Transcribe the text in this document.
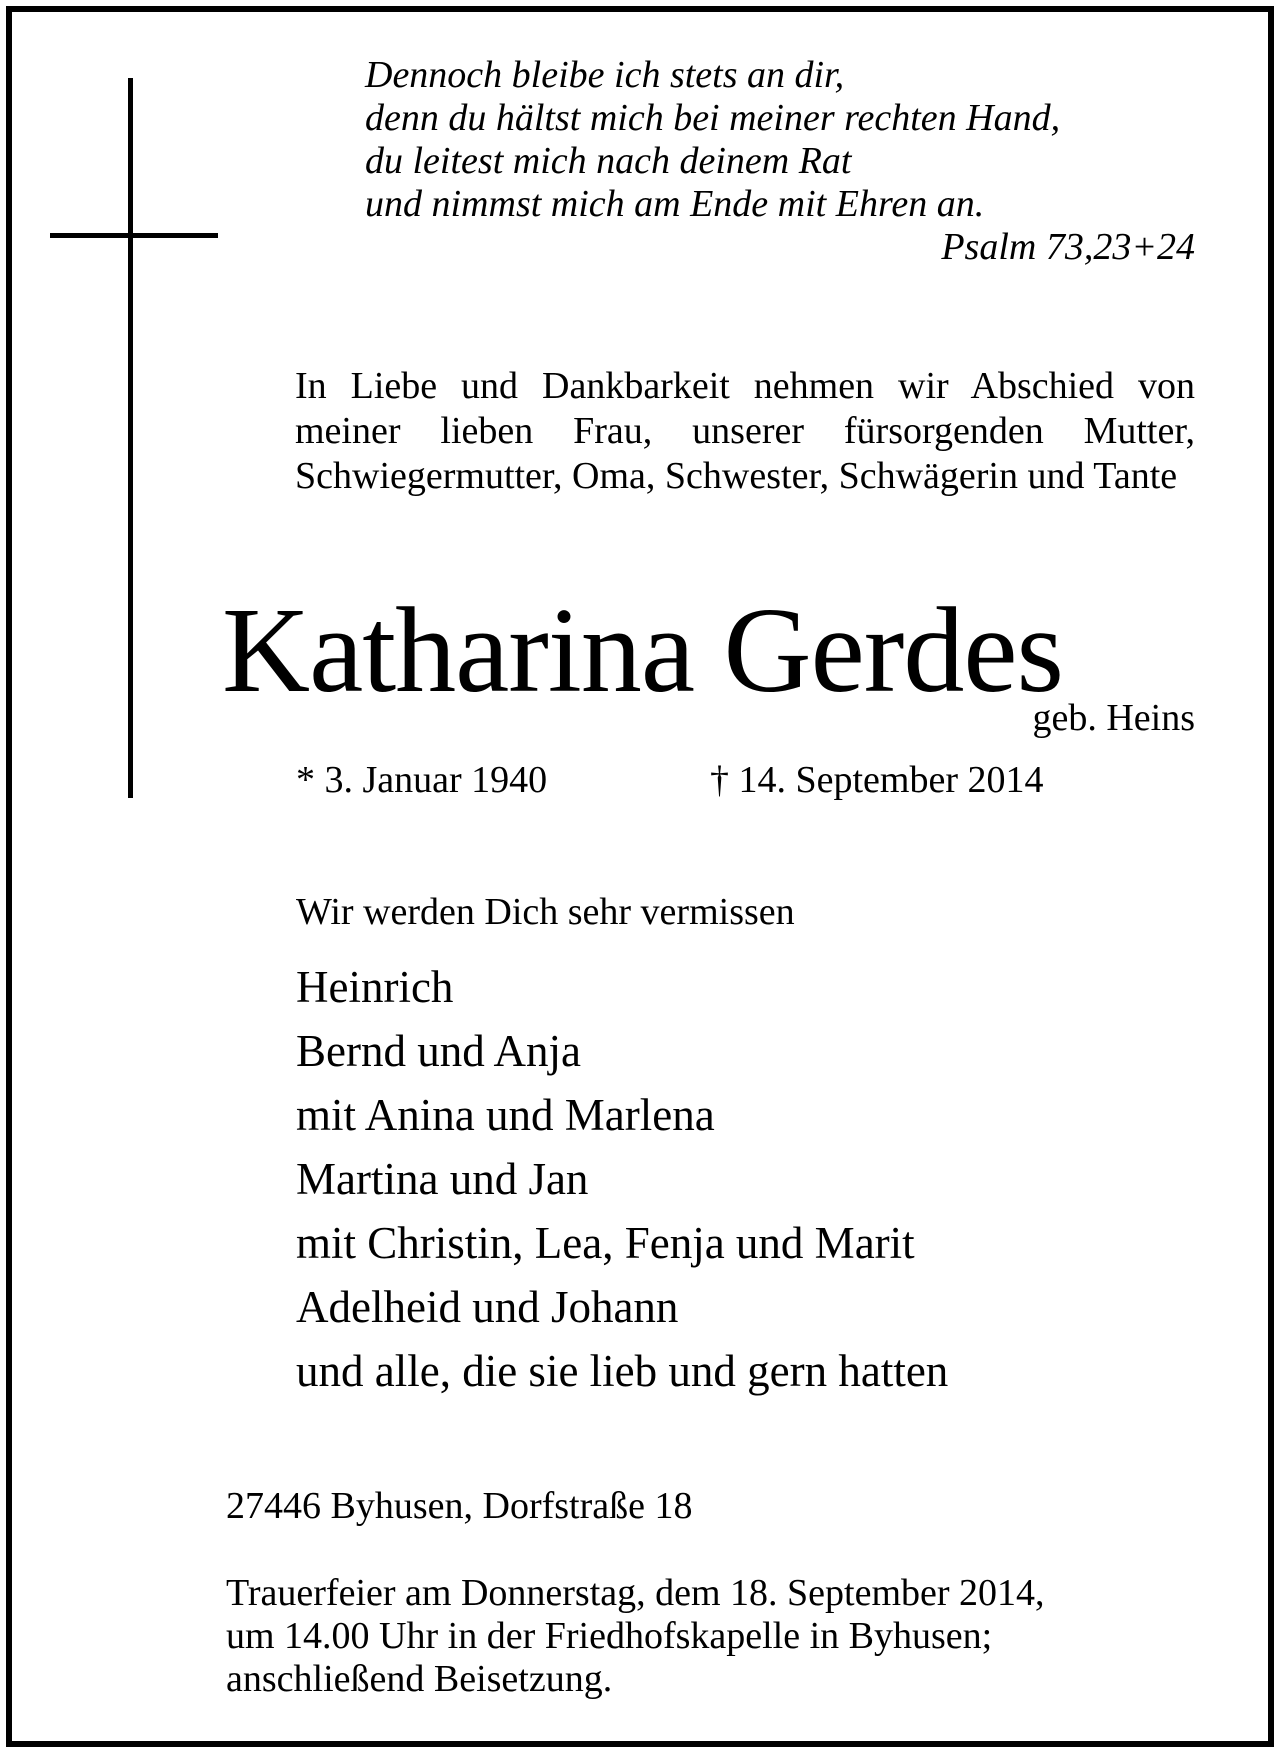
Dennoch bleibe ich stets an dir,
denn du hältst mich bei meiner rechten Hand,
du leitest mich nach deinem Rat
und nimmst mich am Ende mit Ehren an.
Psalm 73,23+24
In Liebe und Dankbarkeit nehmen wir Abschied von meiner lieben Frau, unserer fürsorgenden Mutter, Schwiegermutter, Oma, Schwester, Schwägerin und Tante
Katharina Gerdes
geb. Heins
* 3. Januar 1940	† 14. September 2014
Wir werden Dich sehr vermissen
Heinrich
Bernd und Anja
mit Anina und Marlena
Martina und Jan
mit Christin, Lea, Fenja und Marit
Adelheid und Johann
und alle, die sie lieb und gern hatten
27446 Byhusen, Dorfstraße 18
Trauerfeier am Donnerstag, dem 18. September 2014,
um 14.00 Uhr in der Friedhofskapelle in Byhusen;
anschließend Beisetzung.
